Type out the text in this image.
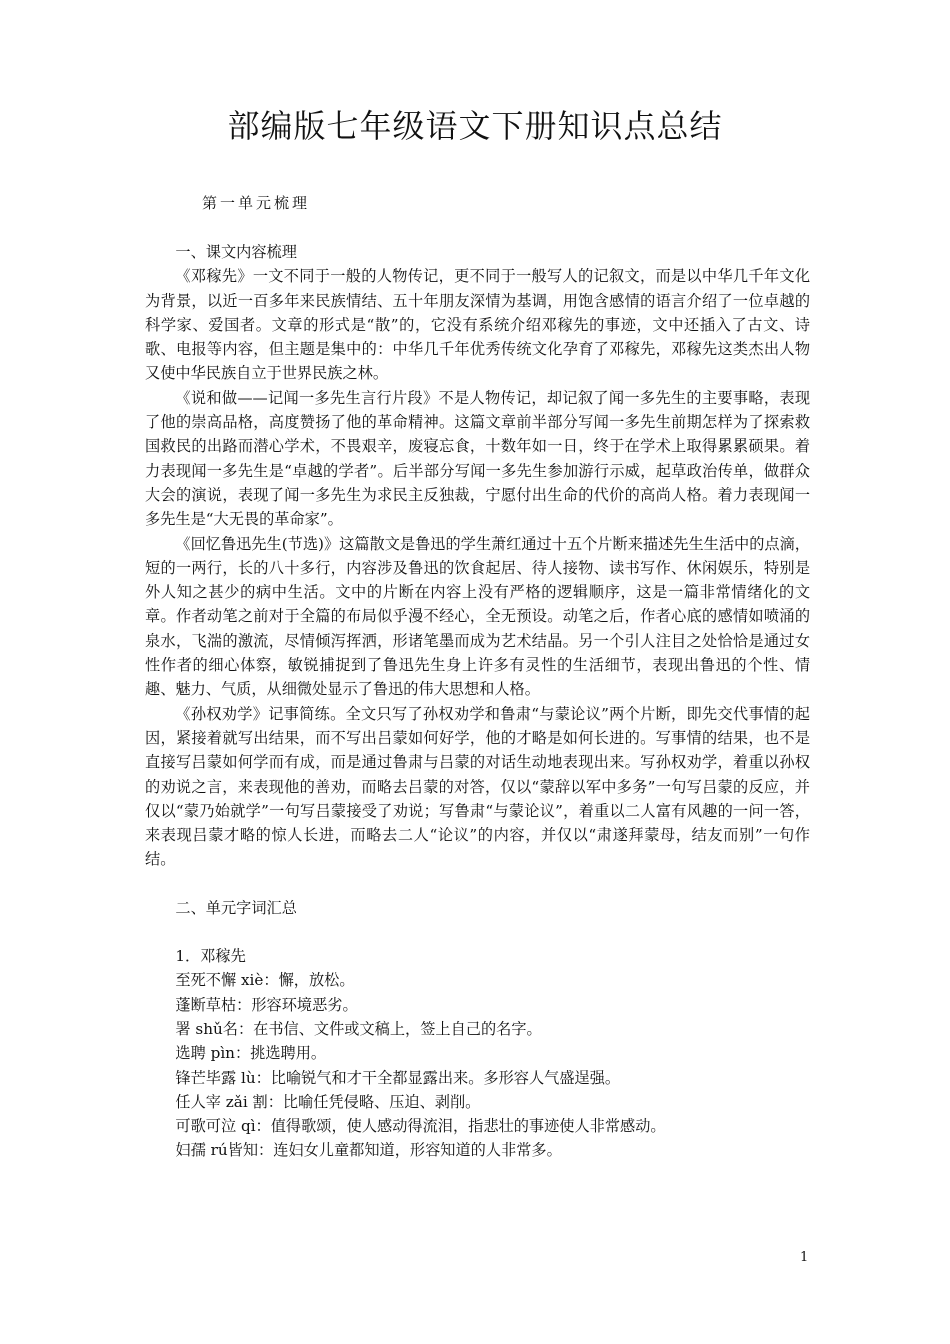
部编版七年级语文下册知识点总结
第一单元梳理

一、课文内容梳理

《邓稼先》一文不同于一般的人物传记，更不同于一般写人的记叙文，而是以中华几千年文化为背景，以近一百多年来民族情结、五十年朋友深情为基调，用饱含感情的语言介绍了一位卓越的科学家、爱国者。文章的形式是“散”的，它没有系统介绍邓稼先的事迹，文中还插入了古文、诗歌、电报等内容，但主题是集中的：中华几千年优秀传统文化孕育了邓稼先，邓稼先这类杰出人物又使中华民族自立于世界民族之林。

《说和做——记闻一多先生言行片段》不是人物传记，却记叙了闻一多先生的主要事略，表现了他的崇高品格，高度赞扬了他的革命精神。这篇文章前半部分写闻一多先生前期怎样为了探索救国救民的出路而潜心学术，不畏艰辛，废寝忘食，十数年如一日，终于在学术上取得累累硕果。着力表现闻一多先生是“卓越的学者”。后半部分写闻一多先生参加游行示威，起草政治传单，做群众大会的演说，表现了闻一多先生为求民主反独裁，宁愿付出生命的代价的高尚人格。着力表现闻一多先生是“大无畏的革命家”。

《回忆鲁迅先生(节选)》这篇散文是鲁迅的学生萧红通过十五个片断来描述先生生活中的点滴，短的一两行，长的八十多行，内容涉及鲁迅的饮食起居、待人接物、读书写作、休闲娱乐，特别是外人知之甚少的病中生活。文中的片断在内容上没有严格的逻辑顺序，这是一篇非常情绪化的文章。作者动笔之前对于全篇的布局似乎漫不经心，全无预设。动笔之后，作者心底的感情如喷涌的泉水，飞湍的激流，尽情倾泻挥洒，形诸笔墨而成为艺术结晶。另一个引人注目之处恰恰是通过女性作者的细心体察，敏锐捕捉到了鲁迅先生身上许多有灵性的生活细节，表现出鲁迅的个性、情趣、魅力、气质，从细微处显示了鲁迅的伟大思想和人格。

《孙权劝学》记事简练。全文只写了孙权劝学和鲁肃“与蒙论议”两个片断，即先交代事情的起因，紧接着就写出结果，而不写出吕蒙如何好学，他的才略是如何长进的。写事情的结果，也不是直接写吕蒙如何学而有成，而是通过鲁肃与吕蒙的对话生动地表现出来。写孙权劝学，着重以孙权的劝说之言，来表现他的善劝，而略去吕蒙的对答，仅以“蒙辞以军中多务”一句写吕蒙的反应，并仅以“蒙乃始就学”一句写吕蒙接受了劝说；写鲁肃“与蒙论议”，着重以二人富有风趣的一问一答，来表现吕蒙才略的惊人长进，而略去二人“论议”的内容，并仅以“肃遂拜蒙母，结友而别”一句作结。

二、单元字词汇总

1．邓稼先

至死不懈 xiè：懈，放松。

蓬断草枯：形容环境恶劣。

署 shǔ名：在书信、文件或文稿上，签上自己的名字。

选聘 pìn：挑选聘用。

锋芒毕露 lù：比喻锐气和才干全都显露出来。多形容人气盛逞强。

任人宰 zǎi 割：比喻任凭侵略、压迫、剥削。

可歌可泣 qì：值得歌颂，使人感动得流泪，指悲壮的事迹使人非常感动。

妇孺 rú皆知：连妇女儿童都知道，形容知道的人非常多。

1
